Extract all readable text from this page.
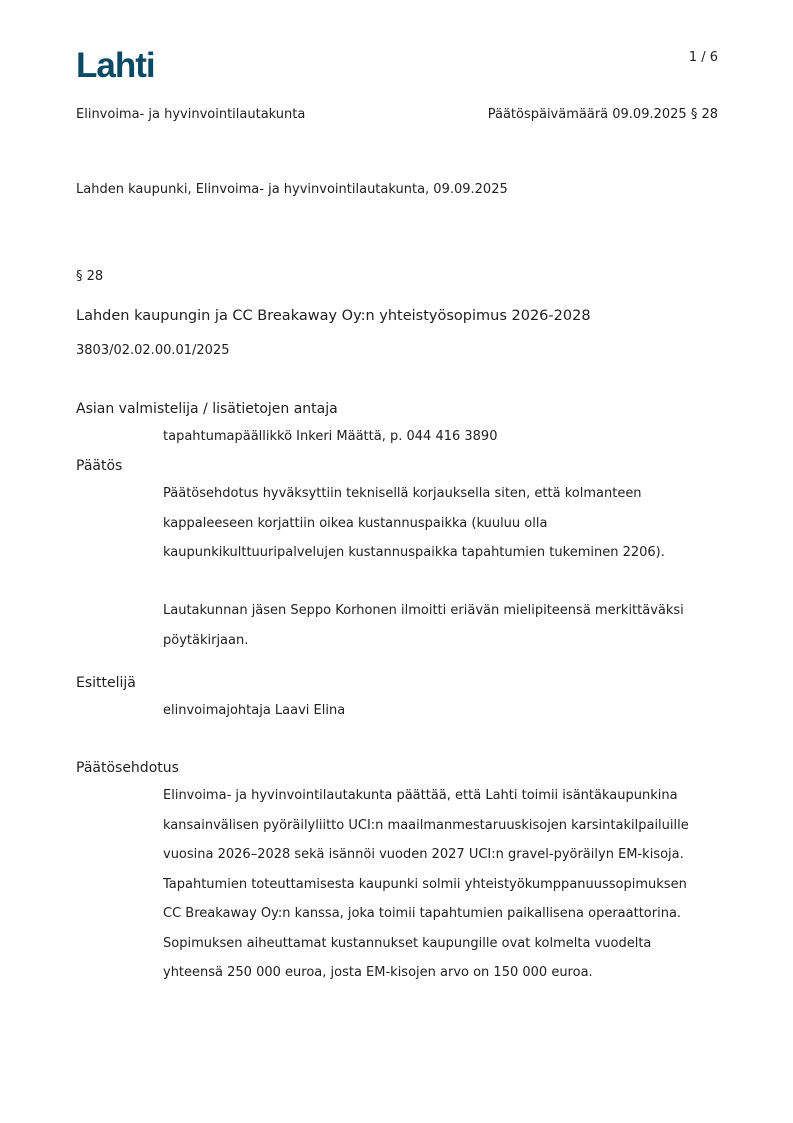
Lahti	1 / 6
Elinvoima- ja hyvinvointilautakunta	Päätöspäivämäärä 09.09.2025 § 28
Lahden kaupunki, Elinvoima- ja hyvinvointilautakunta, 09.09.2025
§ 28
Lahden kaupungin ja CC Breakaway Oy:n yhteistyösopimus 2026-2028
3803/02.02.00.01/2025
Asian valmistelija / lisätietojen antaja
tapahtumapäällikkö Inkeri Määttä, p. 044 416 3890
Päätös
Päätösehdotus hyväksyttiin teknisellä korjauksella siten, että kolmanteen
kappaleeseen korjattiin oikea kustannuspaikka (kuuluu olla
kaupunkikulttuuripalvelujen kustannuspaikka tapahtumien tukeminen 2206).
Lautakunnan jäsen Seppo Korhonen ilmoitti eriävän mielipiteensä merkittäväksi
pöytäkirjaan.
Esittelijä
elinvoimajohtaja Laavi Elina
Päätösehdotus
Elinvoima- ja hyvinvointilautakunta päättää, että Lahti toimii isäntäkaupunkina
kansainvälisen pyöräilyliitto UCI:n maailmanmestaruuskisojen karsintakilpailuille
vuosina 2026–2028 sekä isännöi vuoden 2027 UCI:n gravel-pyöräilyn EM-kisoja.
Tapahtumien toteuttamisesta kaupunki solmii yhteistyökumppanuussopimuksen
CC Breakaway Oy:n kanssa, joka toimii tapahtumien paikallisena operaattorina.
Sopimuksen aiheuttamat kustannukset kaupungille ovat kolmelta vuodelta
yhteensä 250 000 euroa, josta EM-kisojen arvo on 150 000 euroa.
